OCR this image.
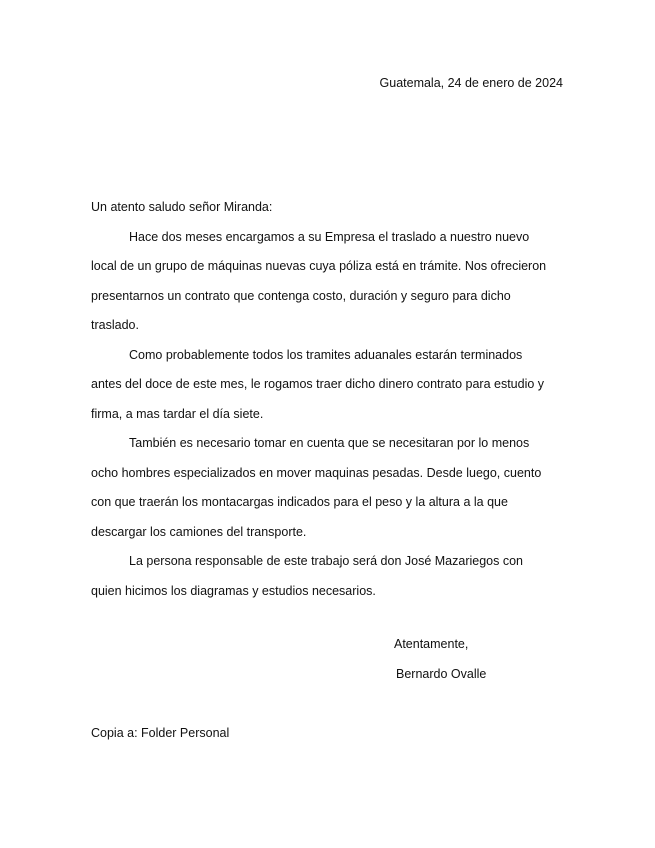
Guatemala, 24 de enero de 2024

Un atento saludo señor Miranda:

Hace dos meses encargamos a su Empresa el traslado a nuestro nuevo
local de un grupo de máquinas nuevas cuya póliza está en trámite. Nos ofrecieron
presentarnos un contrato que contenga costo, duración y seguro para dicho
traslado.

Como probablemente todos los tramites aduanales estarán terminados
antes del doce de este mes, le rogamos traer dicho dinero contrato para estudio y
firma, a mas tardar el día siete.

También es necesario tomar en cuenta que se necesitaran por lo menos
ocho hombres especializados en mover maquinas pesadas. Desde luego, cuento
con que traerán los montacargas indicados para el peso y la altura a la que
descargar los camiones del transporte.

La persona responsable de este trabajo será don José Mazariegos con
quien hicimos los diagramas y estudios necesarios.

Atentamente,
Bernardo Ovalle
Copia a: Folder Personal
